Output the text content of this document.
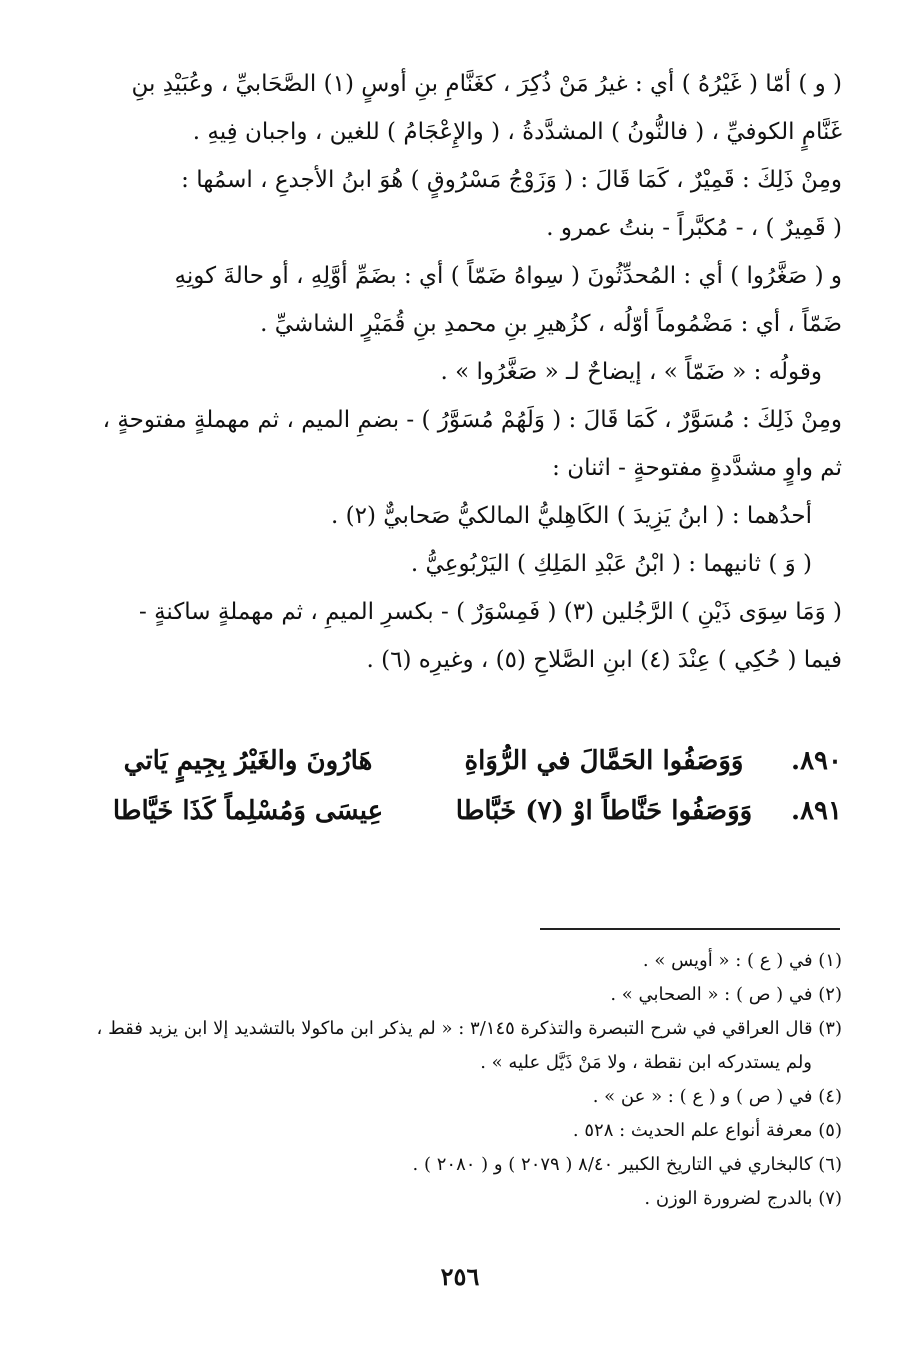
( و ) أمّا ( غَيْرُهُ ) أي : غيرُ مَنْ ذُكِرَ ، كغَنَّامِ بنِ أوسٍ (١) الصَّحَابيِّ ، وعُبَيْدِ بنِ

غَنَّامٍ الكوفيِّ ، ( فالنُّونُ ) المشدَّدةُ ، ( والإِعْجَامُ ) للغين ، واجبان فِيهِ .

ومِنْ ذَلِكَ : قَمِيْرٌ ، كَمَا قَالَ : ( وَزَوْجُ مَسْرُوقٍ ) هُوَ ابنُ الأجدعِ ، اسمُها :

( قَمِيرٌ ) ، - مُكبَّراً - بنتُ عمرو .

و ( صَغَّرُوا ) أي : المُحدِّثُونَ ( سِواهُ ضَمّاً ) أي : بضَمِّ أوَّلِهِ ، أو حالةَ كونِهِ

ضَمّاً ، أي : مَضْمُوماً أوّلُه ، كزُهيرِ بنِ محمدِ بنِ قُمَيْرٍ الشاشيِّ .

وقولُه : « ضَمّاً » ، إيضاحٌ لـ « صَغَّرُوا » .

ومِنْ ذَلِكَ : مُسَوَّرٌ ، كَمَا قَالَ : ( وَلَهُمْ مُسَوَّرُ ) - بضمِ الميم ، ثم مهملةٍ مفتوحةٍ ،

ثم واوٍ مشدَّدةٍ مفتوحةٍ - اثنان :

أحدُهما : ( ابنُ يَزِيدَ ) الكَاهِليُّ المالكيُّ صَحابيٌّ (٢) .

( وَ ) ثانيهما : ( ابْنُ عَبْدِ المَلِكِ ) اليَرْبُوعِيُّ .

( وَمَا سِوَى ذَيْنِ ) الرَّجُلين (٣) ( فَمِسْوَرٌ ) - بكسرِ الميمِ ، ثم مهملةٍ ساكنةٍ -

فيما ( حُكِي ) عِنْدَ (٤) ابنِ الصَّلاحِ (٥) ، وغيرِه (٦) .

٨٩٠.
وَوَصَفُوا الحَمَّالَ في الرُّوَاةِ
هَارُونَ والغَيْرُ بِجِيمٍ يَاتي
٨٩١.
وَوَصَفُوا حَنَّاطاً اوْ (٧) خَبَّاطا
عِيسَى وَمُسْلِماً كَذَا خَيَّاطا

(١) في ( ع ) : « أويس » .

(٢) في ( ص ) : « الصحابي » .

(٣) قال العراقي في شرح التبصرة والتذكرة ٣/١٤٥ : « لم يذكر ابن ماكولا بالتشديد إلا ابن يزيد فقط ،

ولم يستدركه ابن نقطة ، ولا مَنْ ذَيَّل عليه » .

(٤) في ( ص ) و ( ع ) : « عن » .

(٥) معرفة أنواع علم الحديث : ٥٢٨ .

(٦) كالبخاري في التاريخ الكبير ٨/٤٠ ( ٢٠٧٩ ) و ( ٢٠٨٠ ) .

(٧) بالدرج لضرورة الوزن .

٢٥٦
